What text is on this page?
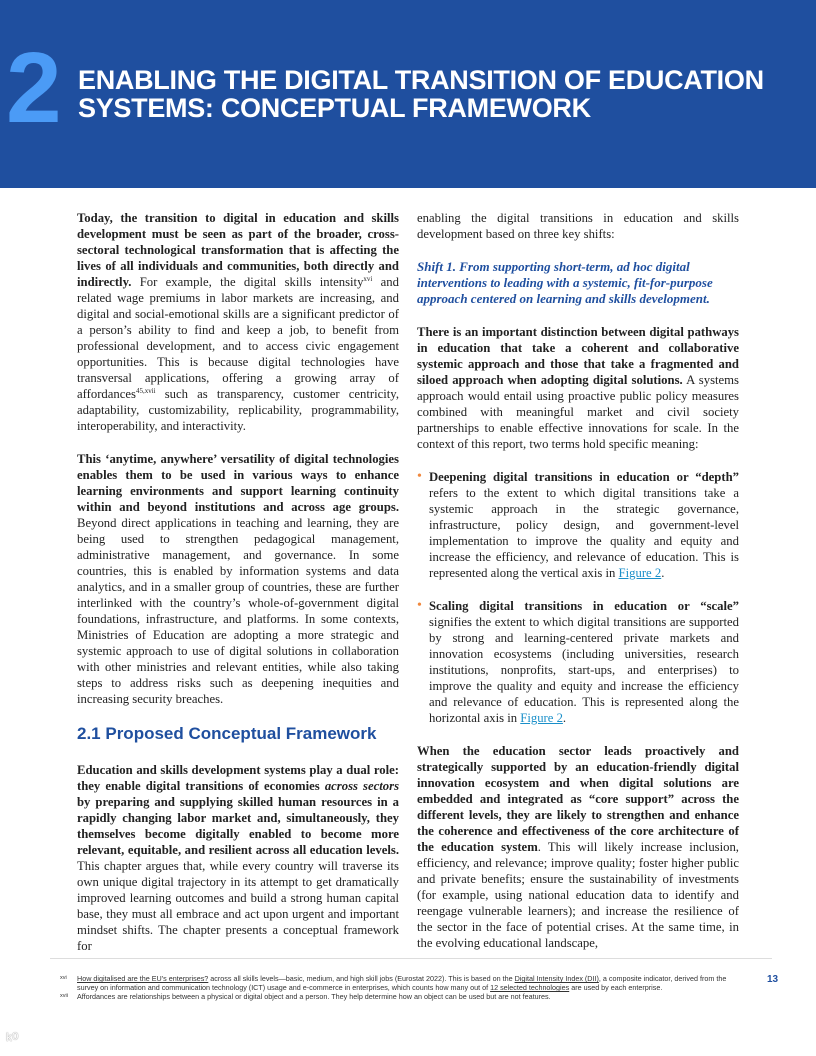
2 ENABLING THE DIGITAL TRANSITION OF EDUCATION
SYSTEMS: CONCEPTUAL FRAMEWORK

Today, the transition to digital in education and skills development must be seen as part of the broader, cross-sectoral technological transformation that is affecting the lives of all individuals and communities, both directly and indirectly. For example, the digital skills intensity$^{xvi}$ and related wage premiums in labor markets are increasing, and digital and social-emotional skills are a significant predictor of a person’s ability to find and keep a job, to benefit from professional development, and to access civic engagement opportunities. This is because digital technologies have transversal applications, offering a growing array of affordances$^{45,xvii}$ such as transparency, customer centricity, adaptability, customizability, replicability, programmability, interoperability, and interactivity.

This ‘anytime, anywhere’ versatility of digital technologies enables them to be used in various ways to enhance learning environments and support learning continuity within and beyond institutions and across age groups. Beyond direct applications in teaching and learning, they are being used to strengthen pedagogical management, administrative management, and governance. In some countries, this is enabled by information systems and data analytics, and in a smaller group of countries, these are further interlinked with the country’s whole-of-government digital foundations, infrastructure, and platforms. In some contexts, Ministries of Education are adopting a more strategic and systemic approach to use of digital solutions in collaboration with other ministries and relevant entities, while also taking steps to address risks such as deepening inequities and increasing security breaches.

2.1 Proposed Conceptual Framework

Education and skills development systems play a dual role: they enable digital transitions of economies across sectors by preparing and supplying skilled human resources in a rapidly changing labor market and, simultaneously, they themselves become digitally enabled to become more relevant, equitable, and resilient across all education levels. This chapter argues that, while every country will traverse its own unique digital trajectory in its attempt to get dramatically improved learning outcomes and build a strong human capital base, they must all embrace and act upon urgent and important mindset shifts. The chapter presents a conceptual framework for

enabling the digital transitions in education and skills development based on three key shifts:

Shift 1. From supporting short-term, ad hoc digital interventions to leading with a systemic, fit-for-purpose approach centered on learning and skills development.

There is an important distinction between digital pathways in education that take a coherent and collaborative systemic approach and those that take a fragmented and siloed approach when adopting digital solutions. A systems approach would entail using proactive public policy measures combined with meaningful market and civil society partnerships to enable effective innovations for scale. In the context of this report, two terms hold specific meaning:

• Deepening digital transitions in education or “depth” refers to the extent to which digital transitions take a systemic approach in the strategic governance, infrastructure, policy design, and government-level implementation to improve the quality and equity and increase the efficiency, and relevance of education. This is represented along the vertical axis in Figure 2.
• Scaling digital transitions in education or “scale” signifies the extent to which digital transitions are supported by strong and learning-centered private markets and innovation ecosystems (including universities, research institutions, nonprofits, start-ups, and enterprises) to improve the quality and equity and increase the efficiency and relevance of education. This is represented along the horizontal axis in Figure 2.

When the education sector leads proactively and strategically supported by an education-friendly digital innovation ecosystem and when digital solutions are embedded and integrated as “core support” across the different levels, they are likely to strengthen and enhance the coherence and effectiveness of the core architecture of the education system. This will likely increase inclusion, efficiency, and relevance; improve quality; foster higher public and private benefits; ensure the sustainability of investments (for example, using national education data to identify and reengage vulnerable learners); and increase the resilience of the sector in the face of potential crises. At the same time, in the evolving educational landscape,

xvi How digitalised are the EU’s enterprises? across all skills levels—basic, medium, and high skill jobs (Eurostat 2022). This is based on the Digital Intensity Index (DII), a composite indicator, derived from the survey on information and communication technology (ICT) usage and e-commerce in enterprises, which counts how many out of 12 selected technologies are used by each enterprise.
xvii Affordances are relationships between a physical or digital object and a person. They help determine how an object can be used but are not features.
13
ᵏ⁰
